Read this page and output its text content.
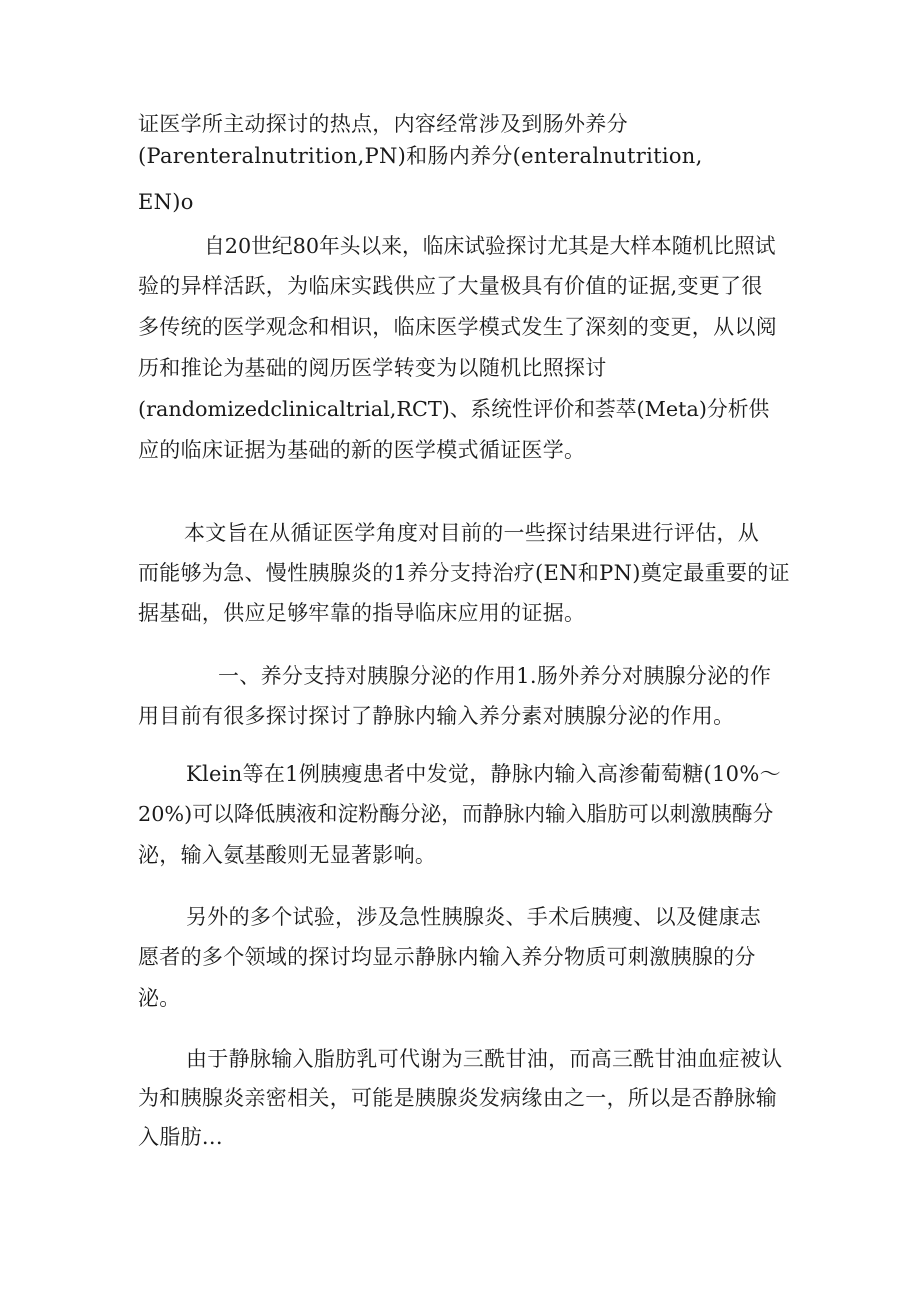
证医学所主动探讨的热点，内容经常涉及到肠外养分
(Parenteralnutrition,PN)和肠内养分(enteralnutrition,
EN)o
自20世纪80年头以来，临床试验探讨尤其是大样本随机比照试
验的异样活跃，为临床实践供应了大量极具有价值的证据,变更了很
多传统的医学观念和相识，临床医学模式发生了深刻的变更，从以阅
历和推论为基础的阅历医学转变为以随机比照探讨
(randomizedclinicaltrial,RCT)、系统性评价和荟萃(Meta)分析供
应的临床证据为基础的新的医学模式循证医学。
本文旨在从循证医学角度对目前的一些探讨结果进行评估，从
而能够为急、慢性胰腺炎的1养分支持治疗(EN和PN)奠定最重要的证
据基础，供应足够牢靠的指导临床应用的证据。
一、养分支持对胰腺分泌的作用1.肠外养分对胰腺分泌的作
用目前有很多探讨探讨了静脉内输入养分素对胰腺分泌的作用。
Klein等在1例胰瘦患者中发觉，静脉内输入高渗葡萄糖(10%～
20%)可以降低胰液和淀粉酶分泌，而静脉内输入脂肪可以刺激胰酶分
泌，输入氨基酸则无显著影响。
另外的多个试验，涉及急性胰腺炎、手术后胰瘦、以及健康志
愿者的多个领域的探讨均显示静脉内输入养分物质可刺激胰腺的分
泌。
由于静脉输入脂肪乳可代谢为三酰甘油，而高三酰甘油血症被认
为和胰腺炎亲密相关，可能是胰腺炎发病缘由之一，所以是否静脉输
入脂肪...
